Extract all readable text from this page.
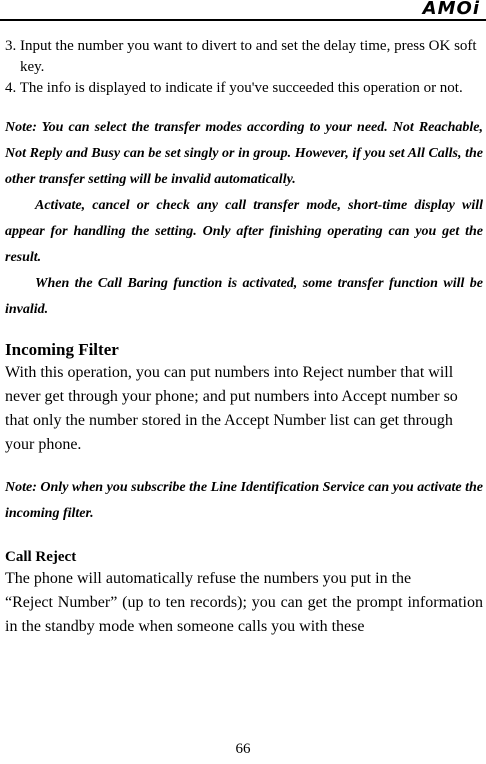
AMOi

3. Input the number you want to divert to and set the delay time, press OK soft key.

4. The info is displayed to indicate if you've succeeded this operation or not.

Note: You can select the transfer modes according to your need. Not Reachable, Not Reply and Busy can be set singly or in group. However, if you set All Calls, the other transfer setting will be invalid automatically.

Activate, cancel or check any call transfer mode, short-time display will appear for handling the setting. Only after finishing operating can you get the result.

When the Call Baring function is activated, some transfer function will be invalid.

Incoming Filter

With this operation, you can put numbers into Reject number that will never get through your phone; and put numbers into Accept number so that only the number stored in the Accept Number list can get through your phone.

Note: Only when you subscribe the Line Identification Service can you activate the incoming filter.

Call Reject

The phone will automatically refuse the numbers you put in the

“Reject Number” (up to ten records); you can get the prompt information in the standby mode when someone calls you with these

66
